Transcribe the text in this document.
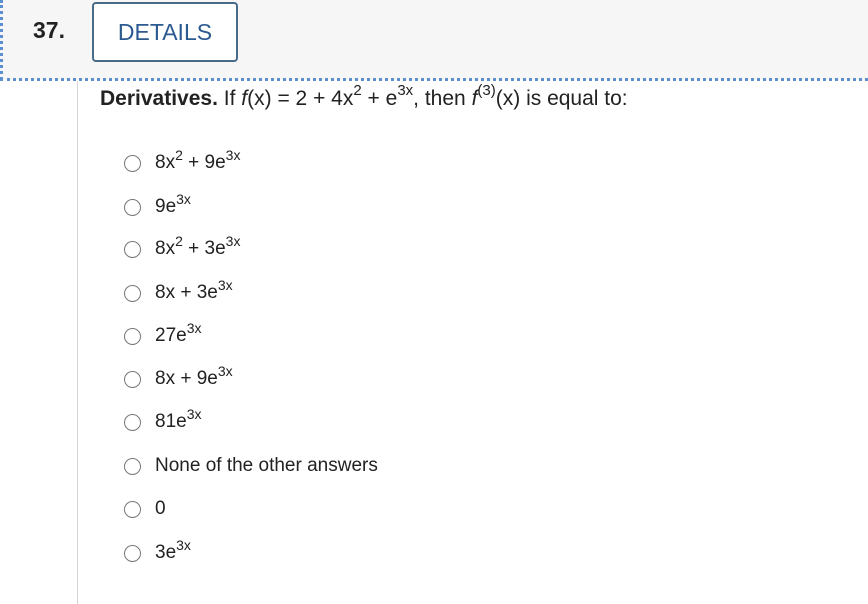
37.	DETAILS
Derivatives. If $f(x) = 2 + 4x^2 + e^{3x}$, then $f^{(3)}(x)$ is equal to:
$8x^2 + 9e^{3x}$
$9e^{3x}$
$8x^2 + 3e^{3x}$
$8x + 3e^{3x}$
$27e^{3x}$
$8x + 9e^{3x}$
$81e^{3x}$
None of the other answers
0
$3e^{3x}$
